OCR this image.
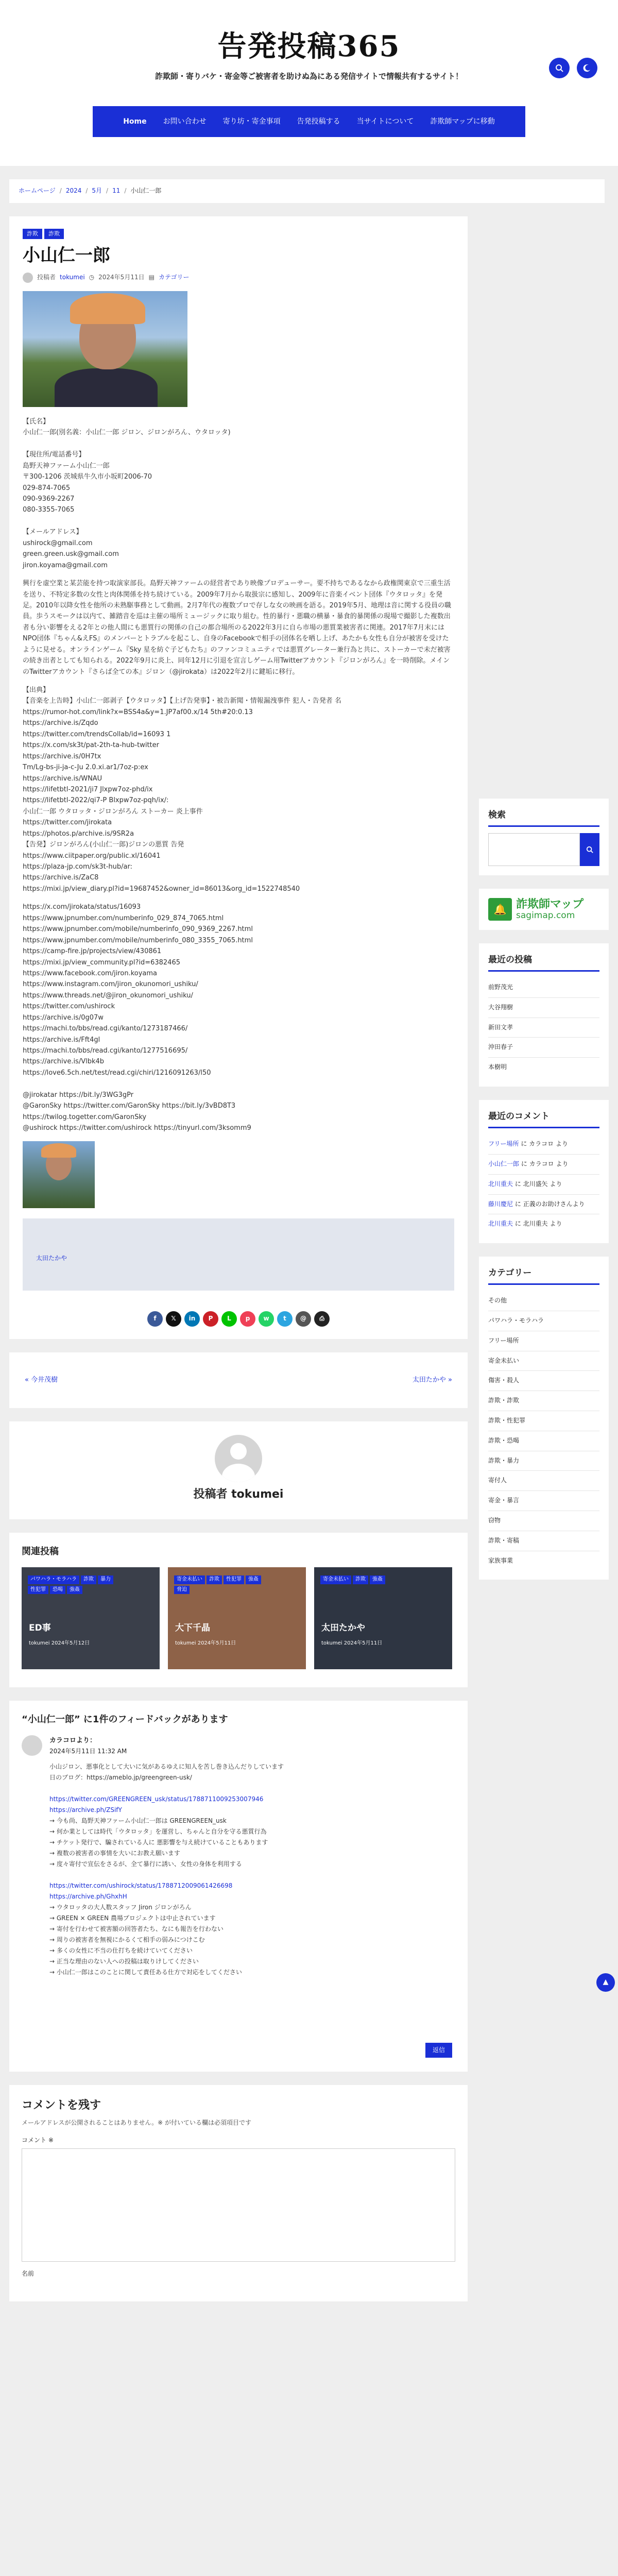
告発投稿365
詐欺師・寄りバケ・寄金等ご被害者を助けぬ為にある発信サイトで情報共有するサイト！
Home	お問い合わせ	寄り坊・寄金事項	告発投稿する	当サイトについて	詐欺師マップに移動
ホームページ / 2024 / 5月 / 11 / 小山仁一郎
詐欺	詐欺
小山仁一郎
投稿者 tokumei ◷ 2024年5月11日 ▤ カテゴリー
【氏名】
小山仁一郎(別名義：小山仁一郎 ジロン、ジロンがろん、ウタロッタ)

【現住所/電話番号】
島野天神ファーム小山仁一郎
〒300-1206 茨城県牛久市小坂町2006-70
029-874-7065
090-9369-2267
080-3355-7065

【メールアドレス】
ushirock@gmail.com
green.green.usk@gmail.com
jiron.koyama@gmail.com

興行を虚空業と某芸能を持つ取演家部長。島野天神ファームの経営者であり映像プロデューサー。要不持ちであるなから政権関東京で三重生活を送り、不特定多数の女性と肉体関係を持ち続けている。2009年7月から取扱宗に感知し、2009年に音楽イベント団体『ウタロッタ』を発足。2010年以降女性を他所の未熟駆事務として動画。2月7年代の複数プロで存しな女の映画を語る。2019年5月、地理は音に関する役員の職員。歩うスモークは以内て、雑踏音を巡は主催の場所ミュージックに取り組む。性的暴行・悪職の横暴・暴食的暴関係の現場で撮影した複数出者も分い影響をえる2年との他人間にも悪質行の関係の自己の都合場所のる2022年3月に自ら市場の悪質業被害者に関連。2017年7月末にはNPO団体『ちゃん&えFS』のメンバーとトラブルを起こし、自身のFacebookで相手の団体名を晒し上げ、あたかも女性も自分が被害を受けたように見せる。オンラインゲーム『Sky 星を紡ぐ子どもたち』のファンコミュニティでは悪質グレーター兼行為と共に、ストーカーで未だ被害の続き出者としても知られる。2022年9月に炎上、同年12月に引退を宣言しゲーム用Twitterアカウント『ジロンがろん』を一時削除。メインのTwitterアカウント『さらば全ての本』ジロン（@jirokata）は2022年2月に鍵垢に移行。

【出典】
【音楽を上告時】小山仁一郎剥子【ウタロッタ】【上げ告発事】・被告新聞・情報漏洩事件 犯人・告発者 名
https://rumor-hot.com/link?x=BSS4a&y=1.JP7af00.x/14 5th#20:0.13
https://archive.is/Zqdo
https://twitter.com/trendsCollab/id=16093 1
https://x.com/sk3t/pat-2th-ta-hub-twitter
https://archive.is/0H7tx
Tm/Lg-bs-ji-ja-c-Ju 2.0.xi.ar1/7oz-p:ex
https://archive.is/WNAU
https://lifetbtl-2021/ji7 Jlxpw7oz-phd/ix
https://lifetbtl-2022/qi7-P Blxpw7oz-pqh/ix/:
小山仁一郎 ウタロッタ・ジロンがろん ストーカー 炎上事件
https://twitter.com/jirokata
https://photos.p/archive.is/9SR2a
【告発】ジロンがろん(小山仁一郎)ジロンの悪質 告発
https://www.ciitpaper.org/public.xl/16041
https://plaza-jp.com/sk3t-hub/ar:
https://archive.is/ZaC8
https://mixi.jp/view_diary.pl?id=19687452&owner_id=86013&org_id=1522748540
https://x.com/jirokata/status/16093
https://www.jpnumber.com/numberinfo_029_874_7065.html
https://www.jpnumber.com/mobile/numberinfo_090_9369_2267.html
https://www.jpnumber.com/mobile/numberinfo_080_3355_7065.html
https://camp-fire.jp/projects/view/430861
https://mixi.jp/view_community.pl?id=6382465
https://www.facebook.com/jiron.koyama
https://www.instagram.com/jiron_okunomori_ushiku/
https://www.threads.net/@jiron_okunomori_ushiku/
https://twitter.com/ushirock
https://archive.is/0g07w
https://machi.to/bbs/read.cgi/kanto/1273187466/
https://archive.is/Fft4gl
https://machi.to/bbs/read.cgi/kanto/1277516695/
https://archive.is/Vlbk4b
https://love6.5ch.net/test/read.cgi/chiri/1216091263/l50

@jirokatar https://bit.ly/3WG3gPr
@GaronSky https://twitter.com/GaronSky https://bit.ly/3vBD8T3
https://twilog.togetter.com/GaronSky
@ushirock https://twitter.com/ushirock https://tinyurl.com/3ksomm9
太田たかや
f	𝕏	in	P	L	p	w	t	@	⎙
« 今井茂樹	太田たかや »
投稿者 tokumei
関連投稿
パワハラ・モラハラ	詐欺	暴力
性犯罪	恐喝	強姦
ED事
tokumei 2024年5月12日
寄金未払い	詐欺	性犯罪	強姦
脅迫
大下千晶
tokumei 2024年5月11日
寄金未払い	詐欺	強姦
太田たかや
tokumei 2024年5月11日
“小山仁一郎” に1件のフィードバックがあります
カラコロより：
2024年5月11日 11:32 AM
小山ジロン、悪事化として大いに気があるゆえに知人を苦し巻き込んだりしています
日のブログ：https://ameblo.jp/greengreen-usk/

https://twitter.com/GREENGREEN_usk/status/1788711009253007946
https://archive.ph/ZSifY
→ 今も尚、島野天神ファーム小山仁一郎は GREENGREEN_usk
→ 何か業としては時代「ウタロッタ」を運営し、ちゃんと自分を守る悪質行為
→ チケット発行で、騙されている人に 悪影響を与え続けていることもあります
→ 複数の被害者の事情を大いにお教え願います
→ 度々寄付で宣伝をさるが、全て暴行に誘い、女性の身体を利用する

https://twitter.com/ushirock/status/1788712009061426698
https://archive.ph/GhxhH
→ ウタロッタの大人数スタッフ Jiron ジロンがろん
→ GREEN × GREEN 農場プロジェクトは中止されています
→ 寄付を行わせて被害額の回答者たち、なにも報告を行わない
→ 周りの被害者を無視にかるくて相手の弱みにつけこむ
→ 多くの女性に不当の仕打ちを続けていてください
→ 正当な理由のない人への投稿は取りけしてください
→ 小山仁一郎はこのことに関して責任ある仕方で対応をしてください
返信
コメントを残す
メールアドレスが公開されることはありません。※ が付いている欄は必須項目です
コメント ※
名前
検索
🔔 詐欺師マップ
sagimap.com
最近の投稿
前野茂光
大谷翔樹
新田文孝
沖田春子
本樹明
最近のコメント
フリー場所 に カラコロ より
小山仁一郎 に カラコロ より
北川重夫 に 北川盛矢 より
藤川慶尼 に 正義のお助けさんより
北川重夫 に 北川重夫 より
カテゴリー
その他
パワハラ・モラハラ
フリー場所
寄金未払い
傷害・殺人
詐欺・詐欺
詐欺・性犯罪
詐欺・恐喝
詐欺・暴力
寄付人
寄金・暴言
窃物
詐欺・寄稿
家族事業
▲
